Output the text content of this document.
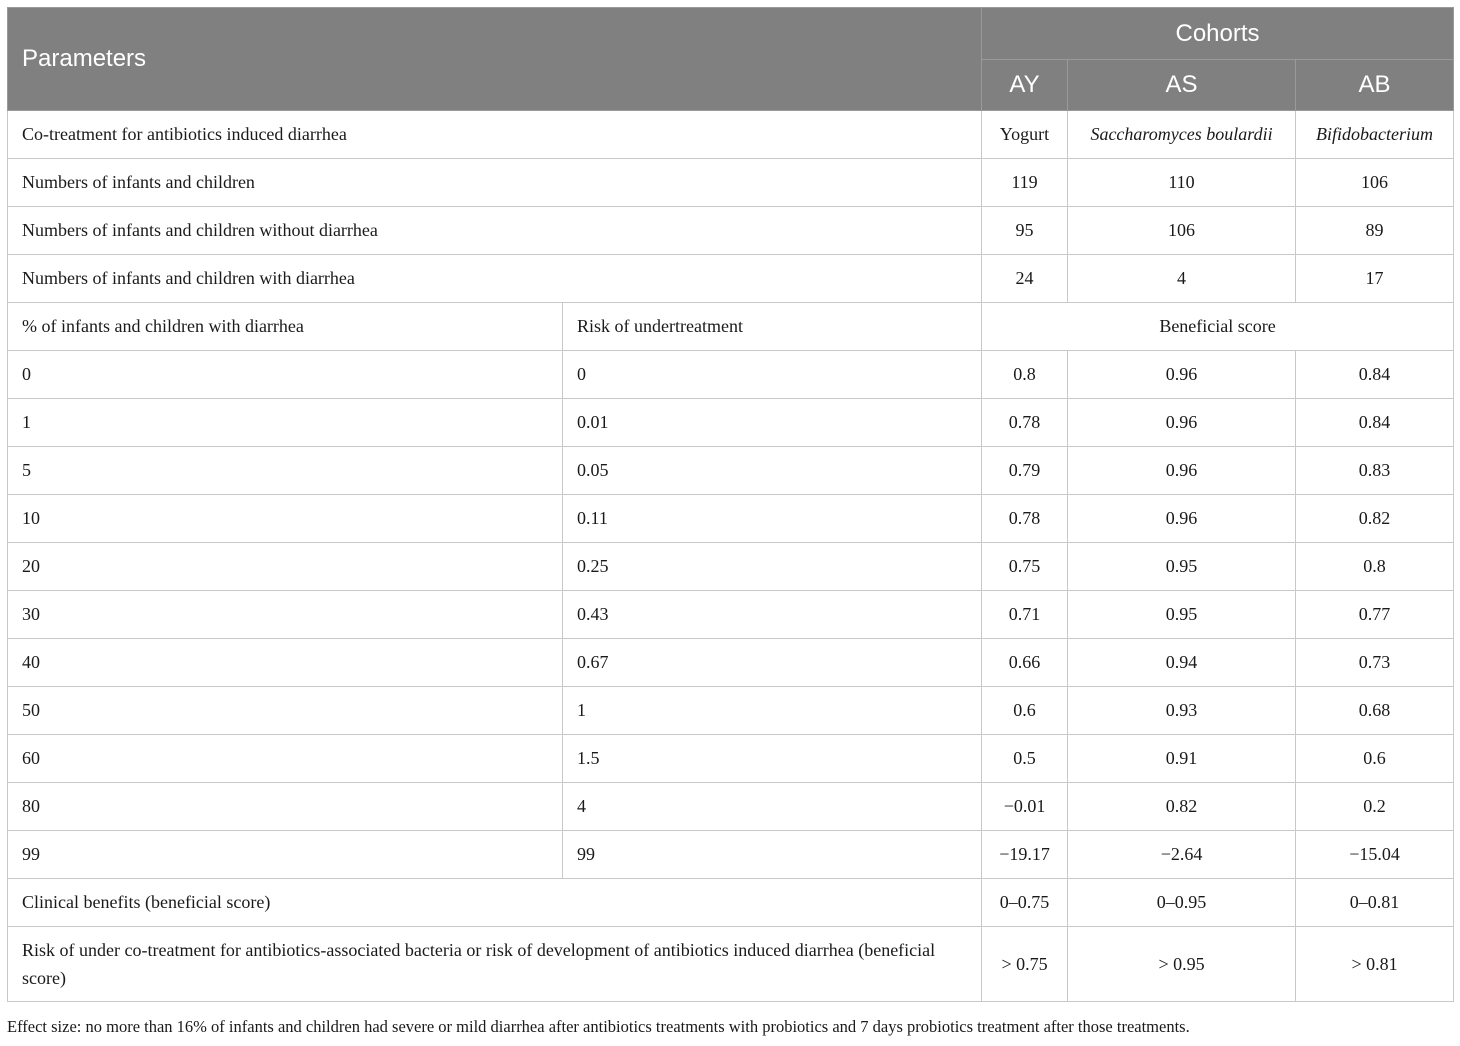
Parameters		Cohorts		
		AY	AS	AB
Co-treatment for antibiotics induced diarrhea		Yogurt	Saccharomyces boulardii	Bifidobacterium
Numbers of infants and children		119	110	106
Numbers of infants and children without diarrhea		95	106	89
Numbers of infants and children with diarrhea		24	4	17
% of infants and children with diarrhea	Risk of undertreatment	Beneficial score		
0	0	0.8	0.96	0.84
1	0.01	0.78	0.96	0.84
5	0.05	0.79	0.96	0.83
10	0.11	0.78	0.96	0.82
20	0.25	0.75	0.95	0.8
30	0.43	0.71	0.95	0.77
40	0.67	0.66	0.94	0.73
50	1	0.6	0.93	0.68
60	1.5	0.5	0.91	0.6
80	4	−0.01	0.82	0.2
99	99	−19.17	−2.64	−15.04
Clinical benefits (beneficial score)		0–0.75	0–0.95	0–0.81
Risk of under co-treatment for antibiotics-associated bacteria or risk of development of antibiotics induced diarrhea (beneficial score)		> 0.75	> 0.95	> 0.81
Effect size: no more than 16% of infants and children had severe or mild diarrhea after antibiotics treatments with probiotics and 7 days probiotics treatment after those treatments.
